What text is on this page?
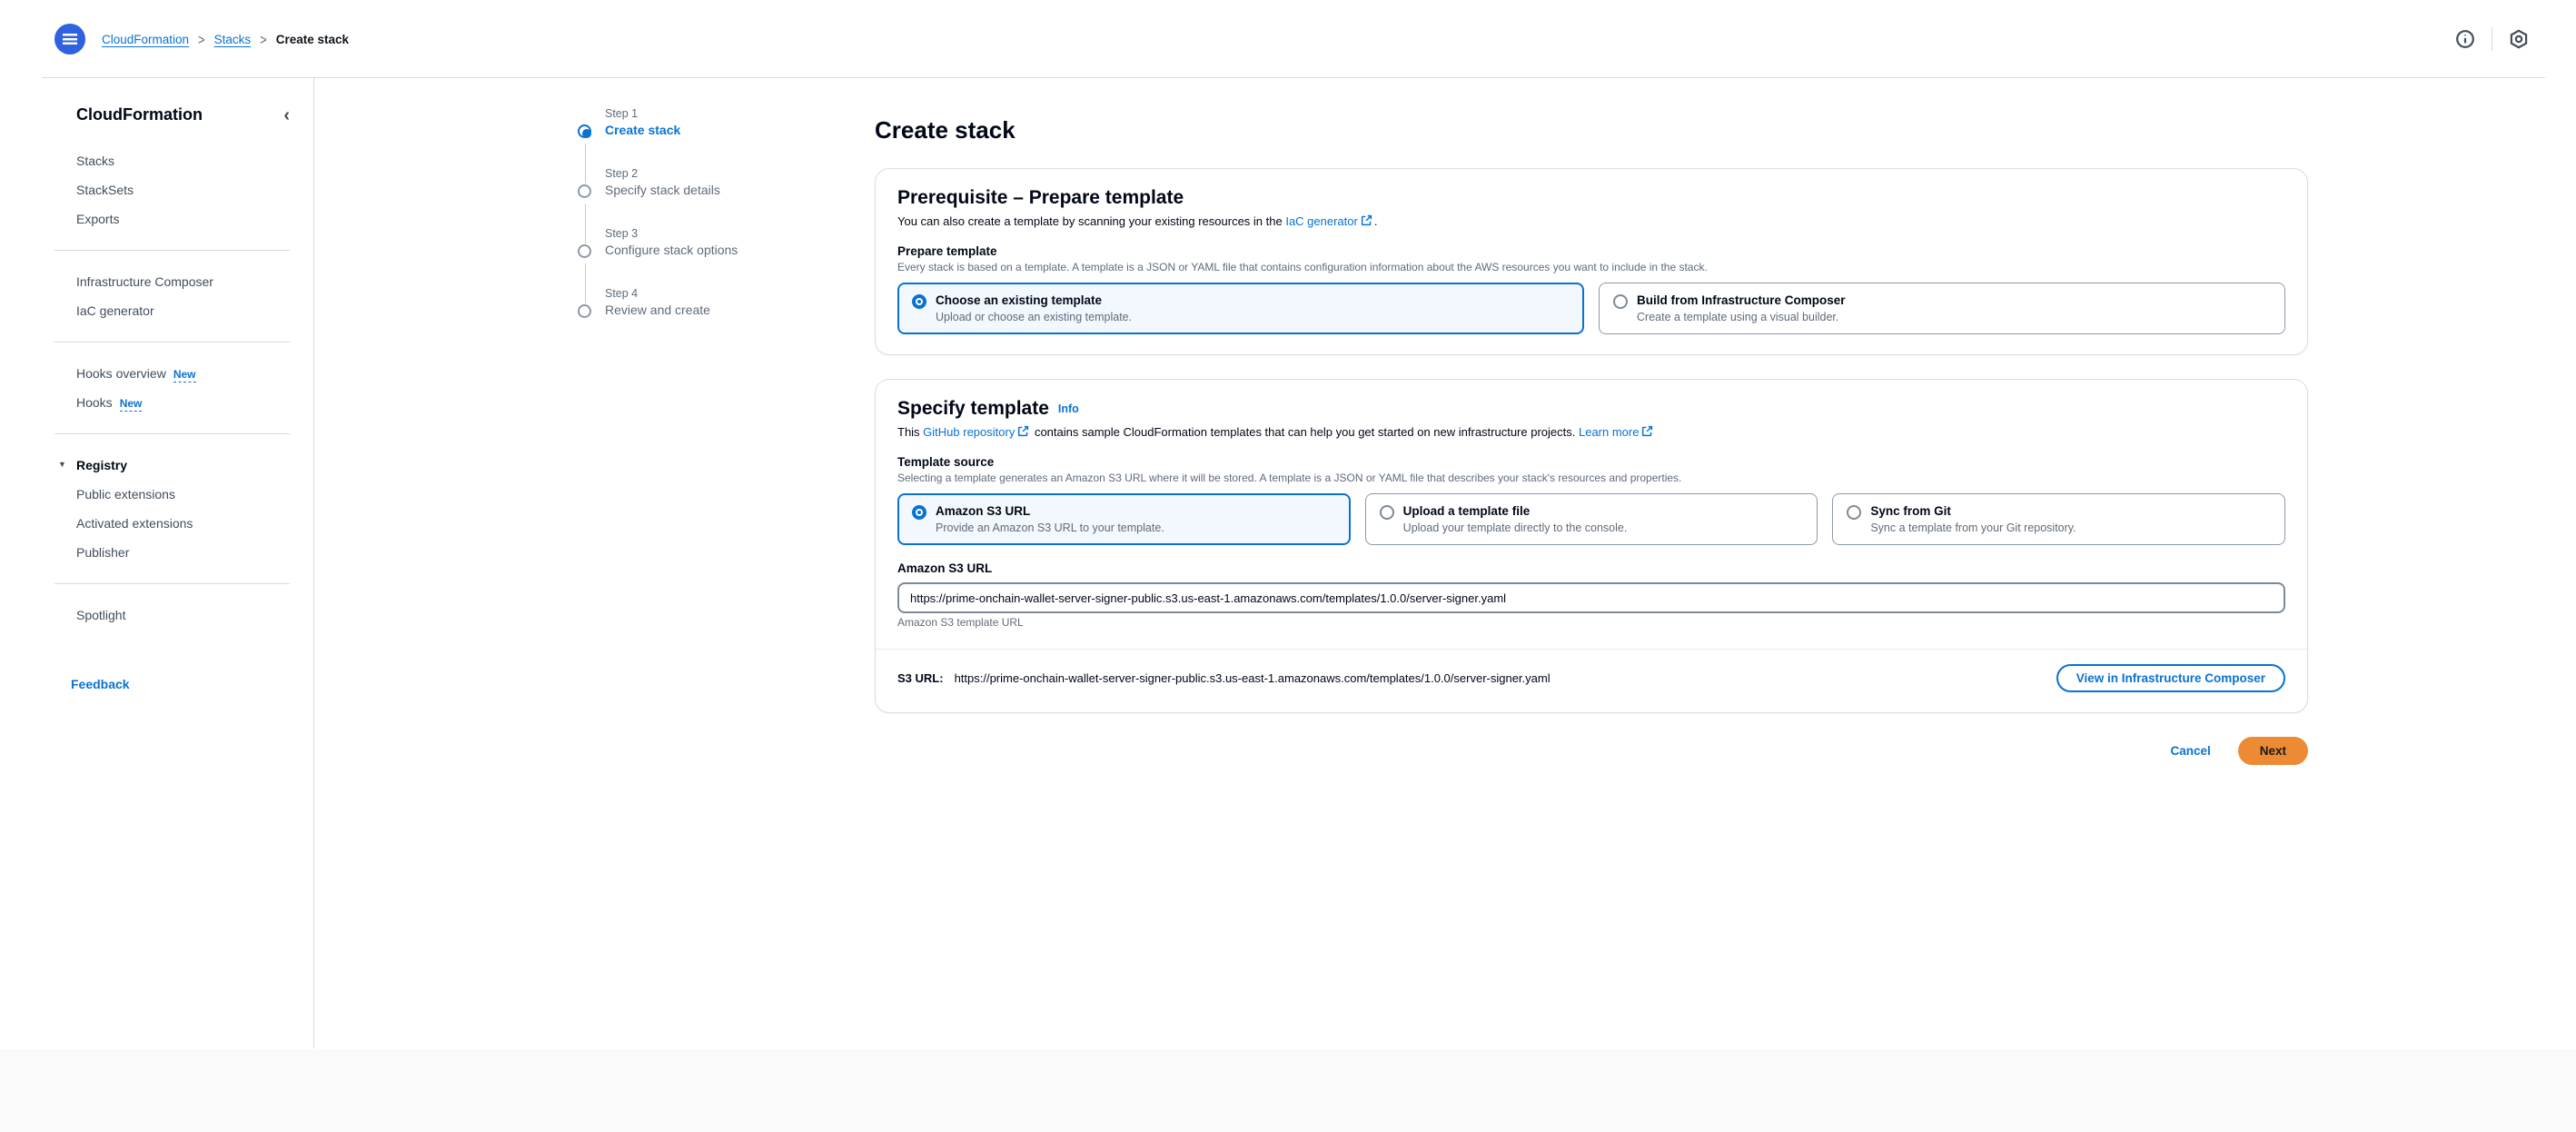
CloudFormation > Stacks > Create stack
CloudFormation	‹
Stacks
StackSets
Exports
Infrastructure Composer
IaC generator
Hooks overview New
Hooks New
▼ Registry
Public extensions
Activated extensions
Publisher
Spotlight
Feedback
Step 1
Create stack
Step 2
Specify stack details
Step 3
Configure stack options
Step 4
Review and create
Create stack
Prerequisite – Prepare template

You can also create a template by scanning your existing resources in the IaC generator .

Prepare template
Every stack is based on a template. A template is a JSON or YAML file that contains configuration information about the AWS resources you want to include in the stack.
Choose an existing template
Upload or choose an existing template.
Build from Infrastructure Composer
Create a template using a visual builder.
Specify template Info

This GitHub repository contains sample CloudFormation templates that can help you get started on new infrastructure projects. Learn more

Template source
Selecting a template generates an Amazon S3 URL where it will be stored. A template is a JSON or YAML file that describes your stack's resources and properties.
Amazon S3 URL
Provide an Amazon S3 URL to your template.
Upload a template file
Upload your template directly to the console.
Sync from Git
Sync a template from your Git repository.
Amazon S3 URL
https://prime-onchain-wallet-server-signer-public.s3.us-east-1.amazonaws.com/templates/1.0.0/server-signer.yaml
Amazon S3 template URL
S3 URL: https://prime-onchain-wallet-server-signer-public.s3.us-east-1.amazonaws.com/templates/1.0.0/server-signer.yaml	View in Infrastructure Composer
Cancel	Next
